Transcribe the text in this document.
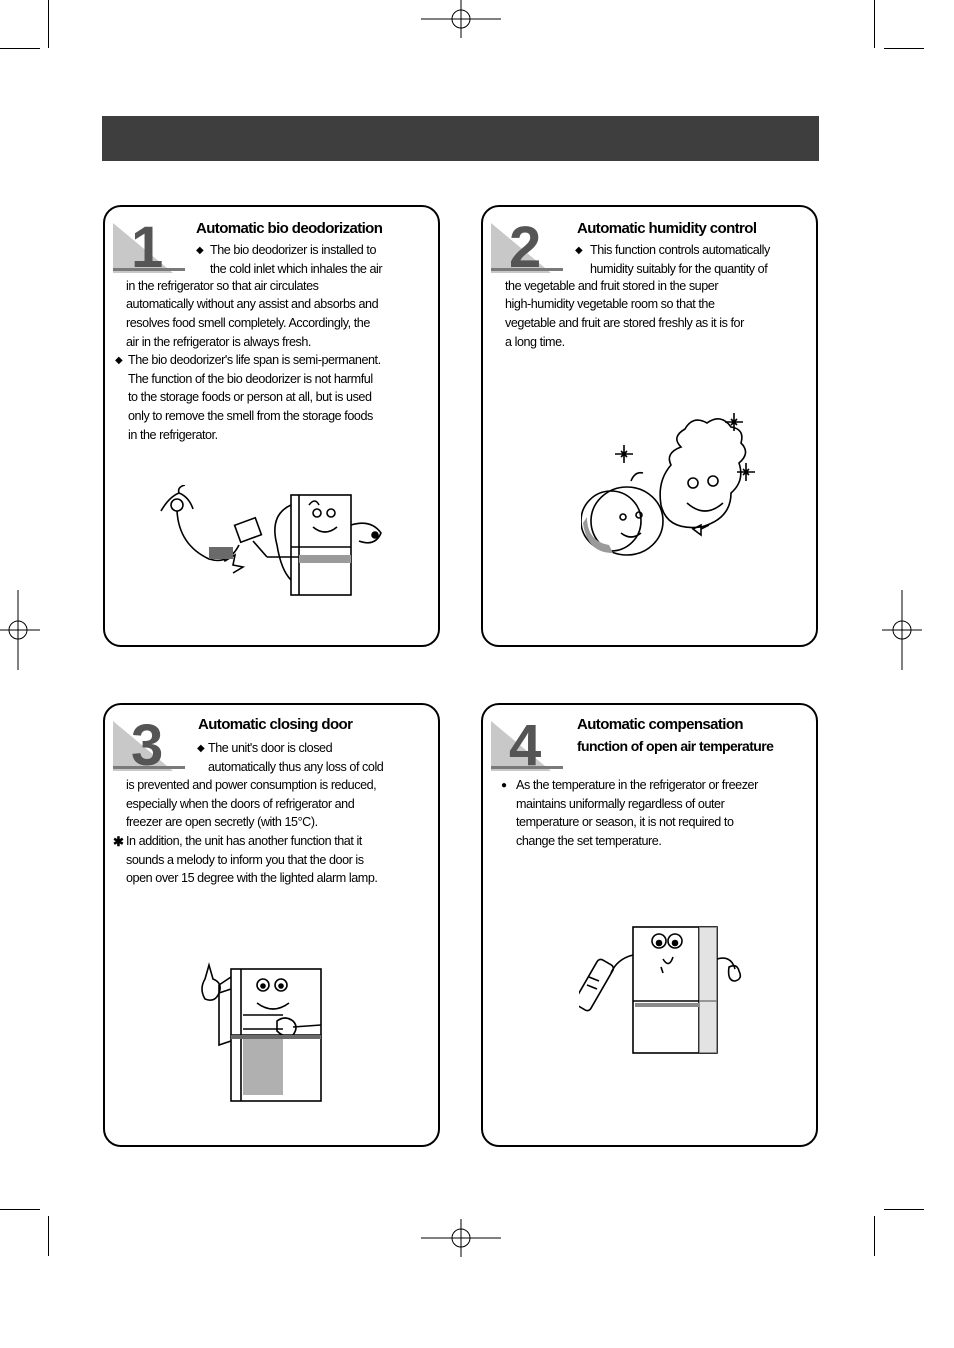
1 Automatic bio deodorization
◆ The bio deodorizer is installed to
the cold inlet which inhales the air
in the refrigerator so that air circulates
automatically without any assist and absorbs and
resolves food smell completely. Accordingly, the
air in the refrigerator is always fresh.
◆ The bio deodorizer's life span is semi-permanent.
The function of the bio deodorizer is not harmful
to the storage foods or person at all, but is used
only to remove the smell from the storage foods
in the refrigerator.
2 Automatic humidity control
◆ This function controls automatically
humidity suitably for the quantity of
the vegetable and fruit stored in the super
high-humidity vegetable room so that the
vegetable and fruit are stored freshly as it is for
a long time.
3 Automatic closing door
◆ The unit's door is closed
automatically thus any loss of cold
is prevented and power consumption is reduced,
especially when the doors of refrigerator and
freezer are open secretly (with 15°C).
✱ In addition, the unit has another function that it
sounds a melody to inform you that the door is
open over 15 degree with the lighted alarm lamp.
4 Automatic compensation
function of open air temperature
● As the temperature in the refrigerator or freezer
maintains uniformally regardless of outer
temperature or season, it is not required to
change the set temperature.
